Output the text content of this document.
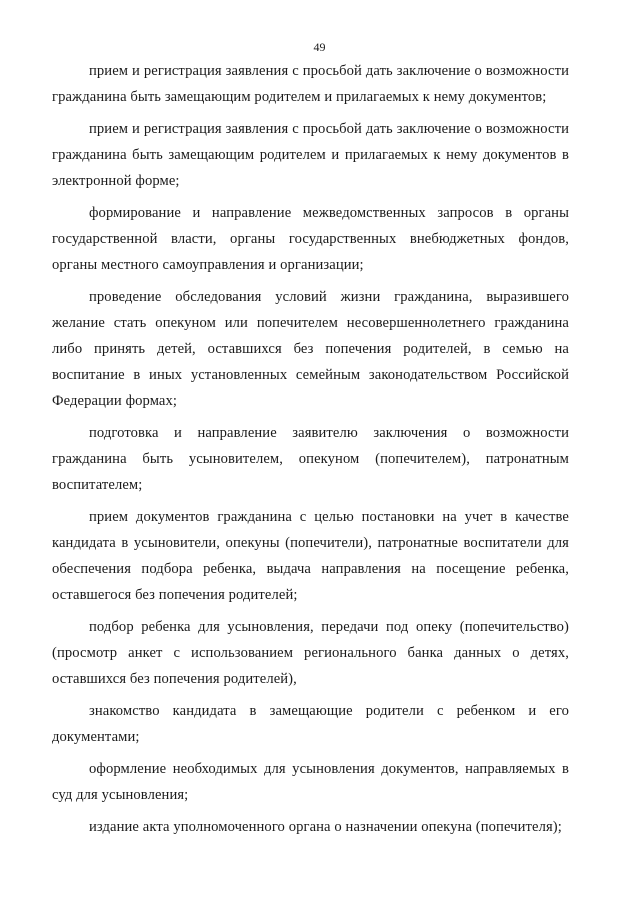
49

прием и регистрация заявления с просьбой дать заключение о возможности гражданина быть замещающим родителем и прилагаемых к нему документов;

прием и регистрация заявления с просьбой дать заключение о возможности гражданина быть замещающим родителем и прилагаемых к нему документов в электронной форме;

формирование и направление межведомственных запросов в органы государственной власти, органы государственных внебюджетных фондов, органы местного самоуправления и организации;

проведение обследования условий жизни гражданина, выразившего желание стать опекуном или попечителем несовершеннолетнего гражданина либо принять детей, оставшихся без попечения родителей, в семью на воспитание в иных установленных семейным законодательством Российской Федерации формах;

подготовка и направление заявителю заключения о возможности гражданина быть усыновителем, опекуном (попечителем), патронатным воспитателем;

прием документов гражданина с целью постановки на учет в качестве кандидата в усыновители, опекуны (попечители), патронатные воспитатели для обеспечения подбора ребенка, выдача направления на посещение ребенка, оставшегося без попечения родителей;

подбор ребенка для усыновления, передачи под опеку (попечительство) (просмотр анкет с использованием регионального банка данных о детях, оставшихся без попечения родителей),

знакомство кандидата в замещающие родители с ребенком и его документами;

оформление необходимых для усыновления документов, направляемых в суд для усыновления;

издание акта уполномоченного органа о назначении опекуна (попечителя);
